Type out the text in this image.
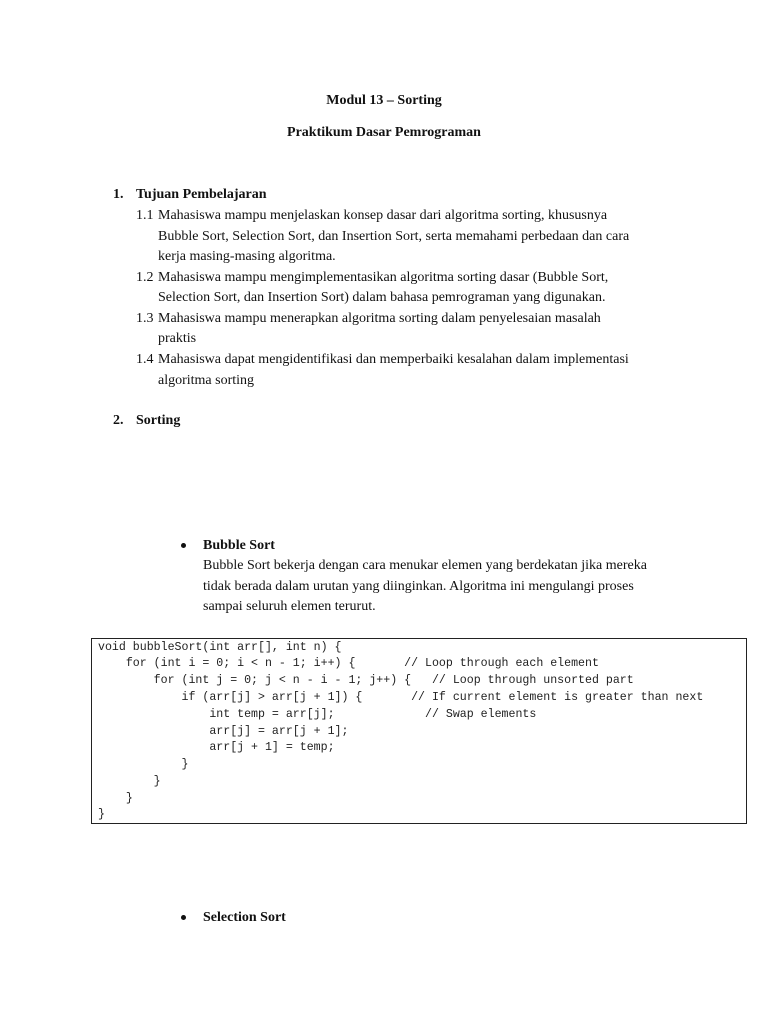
Modul 13 – Sorting
Praktikum Dasar Pemrograman
1. Tujuan Pembelajaran
1.1 Mahasiswa mampu menjelaskan konsep dasar dari algoritma sorting, khususnya
Bubble Sort, Selection Sort, dan Insertion Sort, serta memahami perbedaan dan cara
kerja masing-masing algoritma.
1.2 Mahasiswa mampu mengimplementasikan algoritma sorting dasar (Bubble Sort,
Selection Sort, dan Insertion Sort) dalam bahasa pemrograman yang digunakan.
1.3 Mahasiswa mampu menerapkan algoritma sorting dalam penyelesaian masalah
praktis
1.4 Mahasiswa dapat mengidentifikasi dan memperbaiki kesalahan dalam implementasi
algoritma sorting
2. Sorting
Bubble Sort
Bubble Sort bekerja dengan cara menukar elemen yang berdekatan jika mereka
tidak berada dalam urutan yang diinginkan. Algoritma ini mengulangi proses
sampai seluruh elemen terurut.
void bubbleSort(int arr[], int n) {
for (int i = 0; i < n - 1; i++) {       // Loop through each element
for (int j = 0; j < n - i - 1; j++) {   // Loop through unsorted part
if (arr[j] > arr[j + 1]) {       // If current element is greater than next
int temp = arr[j];             // Swap elements
arr[j] = arr[j + 1];
arr[j + 1] = temp;
}
}
}
}
Selection Sort
